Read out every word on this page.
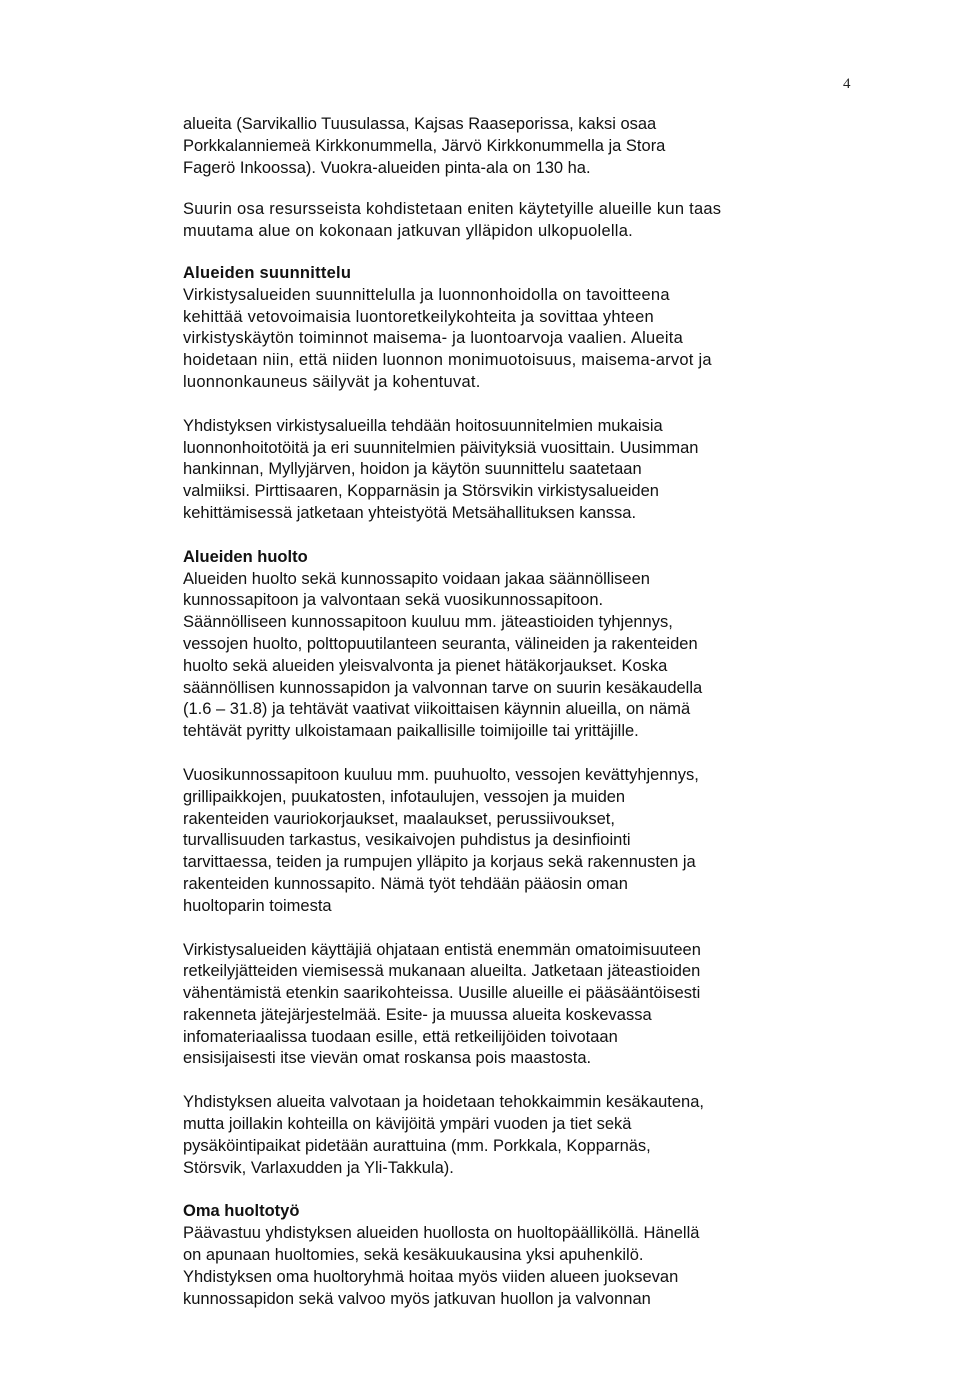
4
alueita (Sarvikallio Tuusulassa, Kajsas Raaseporissa, kaksi osaa
Porkkalanniemeä Kirkkonummella, Järvö Kirkkonummella ja Stora
Fagerö Inkoossa). Vuokra-alueiden pinta-ala on 130 ha.
Suurin osa resursseista kohdistetaan eniten käytetyille alueille kun taas
muutama alue on kokonaan jatkuvan ylläpidon ulkopuolella.
Alueiden suunnittelu
Virkistysalueiden suunnittelulla ja luonnonhoidolla on tavoitteena
kehittää vetovoimaisia luontoretkeilykohteita ja sovittaa yhteen
virkistyskäytön toiminnot maisema- ja luontoarvoja vaalien. Alueita
hoidetaan niin, että niiden luonnon monimuotoisuus, maisema-arvot ja
luonnonkauneus säilyvät ja kohentuvat.
Yhdistyksen virkistysalueilla tehdään hoitosuunnitelmien mukaisia
luonnonhoitotöitä ja eri suunnitelmien päivityksiä vuosittain. Uusimman
hankinnan, Myllyjärven, hoidon ja käytön suunnittelu saatetaan
valmiiksi. Pirttisaaren, Kopparnäsin ja Störsvikin virkistysalueiden
kehittämisessä jatketaan yhteistyötä Metsähallituksen kanssa.
Alueiden huolto
Alueiden huolto sekä kunnossapito voidaan jakaa säännölliseen
kunnossapitoon ja valvontaan sekä vuosikunnossapitoon.
Säännölliseen kunnossapitoon kuuluu mm. jäteastioiden tyhjennys,
vessojen huolto, polttopuutilanteen seuranta, välineiden ja rakenteiden
huolto sekä alueiden yleisvalvonta ja pienet hätäkorjaukset. Koska
säännöllisen kunnossapidon ja valvonnan tarve on suurin kesäkaudella
(1.6 – 31.8) ja tehtävät vaativat viikoittaisen käynnin alueilla, on nämä
tehtävät pyritty ulkoistamaan paikallisille toimijoille tai yrittäjille.
Vuosikunnossapitoon kuuluu mm. puuhuolto, vessojen kevättyhjennys,
grillipaikkojen, puukatosten, infotaulujen, vessojen ja muiden
rakenteiden vauriokorjaukset, maalaukset, perussiivoukset,
turvallisuuden tarkastus, vesikaivojen puhdistus ja desinfiointi
tarvittaessa, teiden ja rumpujen ylläpito ja korjaus sekä rakennusten ja
rakenteiden kunnossapito. Nämä työt tehdään pääosin oman
huoltoparin toimesta
Virkistysalueiden käyttäjiä ohjataan entistä enemmän omatoimisuuteen
retkeilyjätteiden viemisessä mukanaan alueilta. Jatketaan jäteastioiden
vähentämistä etenkin saarikohteissa. Uusille alueille ei pääsääntöisesti
rakenneta jätejärjestelmää. Esite- ja muussa alueita koskevassa
infomateriaalissa tuodaan esille, että retkeilijöiden toivotaan
ensisijaisesti itse vievän omat roskansa pois maastosta.
Yhdistyksen alueita valvotaan ja hoidetaan tehokkaimmin kesäkautena,
mutta joillakin kohteilla on kävijöitä ympäri vuoden ja tiet sekä
pysäköintipaikat pidetään aurattuina (mm. Porkkala, Kopparnäs,
Störsvik, Varlaxudden ja Yli-Takkula).
Oma huoltotyö
Päävastuu yhdistyksen alueiden huollosta on huoltopäälliköllä. Hänellä
on apunaan huoltomies, sekä kesäkuukausina yksi apuhenkilö.
Yhdistyksen oma huoltoryhmä hoitaa myös viiden alueen juoksevan
kunnossapidon sekä valvoo myös jatkuvan huollon ja valvonnan
